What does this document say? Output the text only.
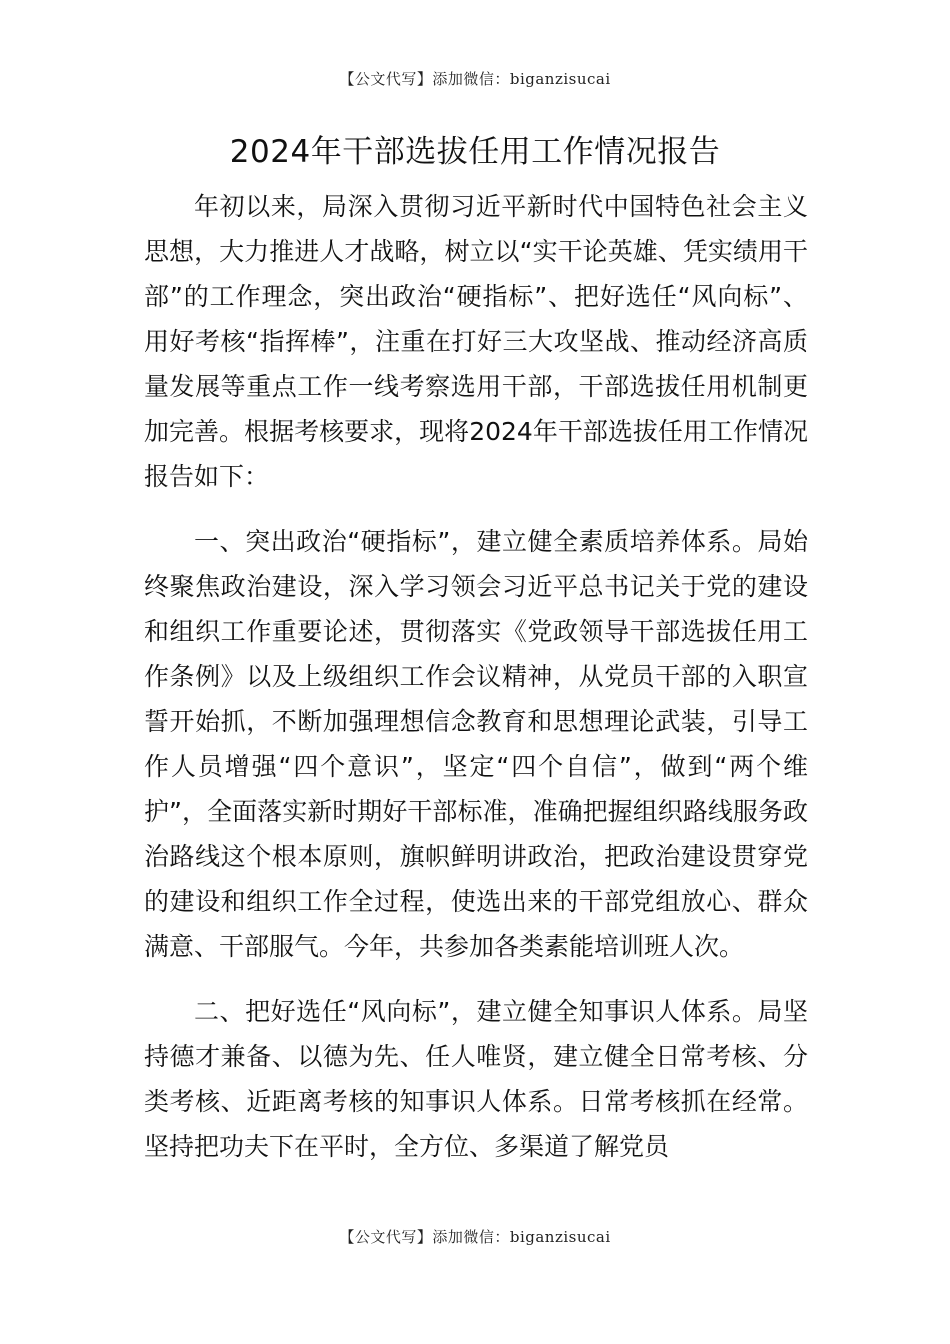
【公文代写】添加微信：biganzisucai
2024年干部选拔任用工作情况报告

年初以来，局深入贯彻习近平新时代中国特色社会主义思想，大力推进人才战略，树立以“实干论英雄、凭实绩用干部”的工作理念，突出政治“硬指标”、把好选任“风向标”、用好考核“指挥棒”，注重在打好三大攻坚战、推动经济高质量发展等重点工作一线考察选用干部，干部选拔任用机制更加完善。根据考核要求，现将2024年干部选拔任用工作情况报告如下：

一、突出政治“硬指标”，建立健全素质培养体系。局始终聚焦政治建设，深入学习领会习近平总书记关于党的建设和组织工作重要论述，贯彻落实《党政领导干部选拔任用工作条例》以及上级组织工作会议精神，从党员干部的入职宣誓开始抓，不断加强理想信念教育和思想理论武装，引导工作人员增强“四个意识”，坚定“四个自信”，做到“两个维护”，全面落实新时期好干部标准，准确把握组织路线服务政治路线这个根本原则，旗帜鲜明讲政治，把政治建设贯穿党的建设和组织工作全过程，使选出来的干部党组放心、群众满意、干部服气。今年，共参加各类素能培训班人次。

二、把好选任“风向标”，建立健全知事识人体系。局坚持德才兼备、以德为先、任人唯贤，建立健全日常考核、分类考核、近距离考核的知事识人体系。日常考核抓在经常。坚持把功夫下在平时，全方位、多渠道了解党员

【公文代写】添加微信：biganzisucai
